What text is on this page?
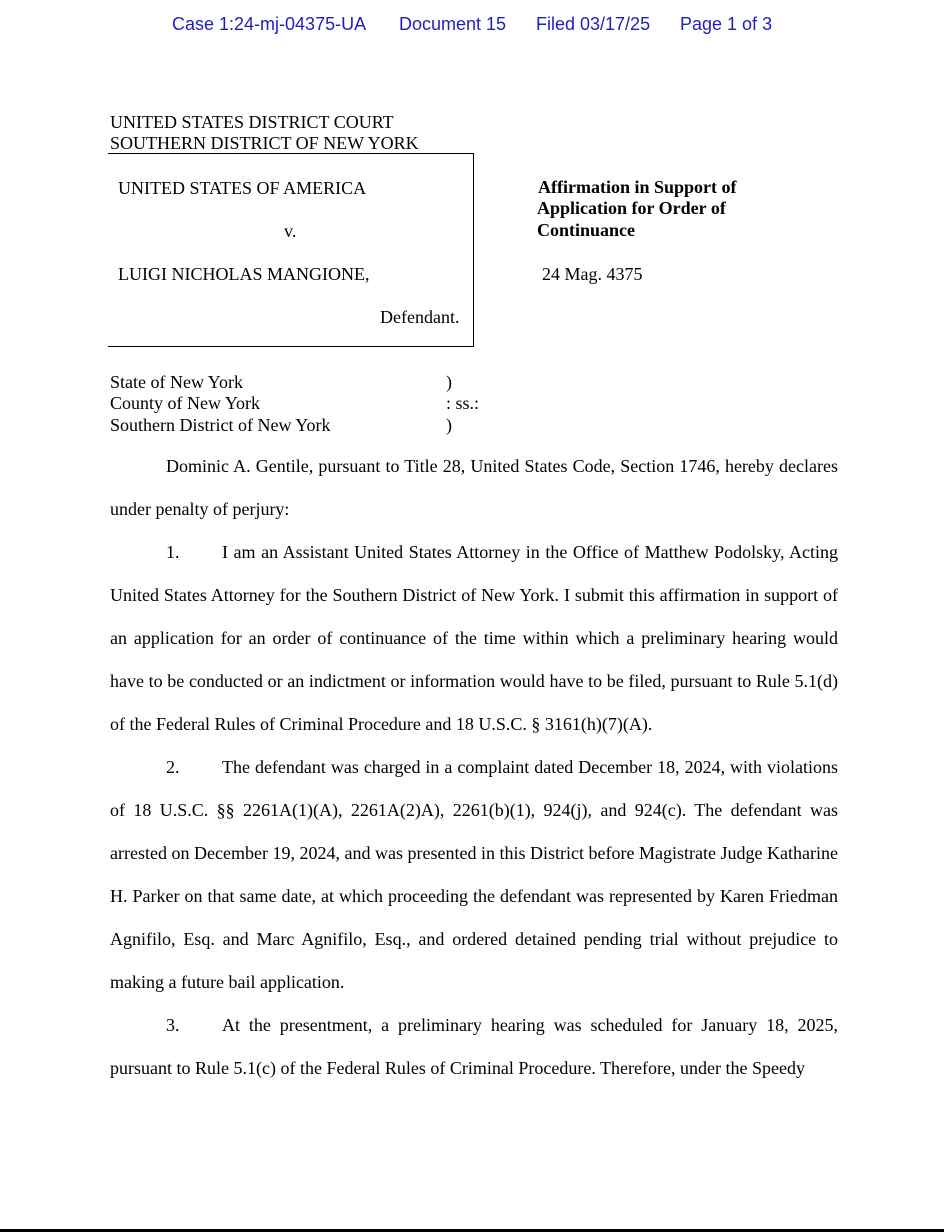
Case 1:24-mj-04375-UA Document 15 Filed 03/17/25 Page 1 of 3
UNITED STATES DISTRICT COURT
SOUTHERN DISTRICT OF NEW YORK
UNITED STATES OF AMERICA
v.
LUIGI NICHOLAS MANGIONE,
Defendant.
Affirmation in Support of
Application for Order of
Continuance
24 Mag. 4375
State of New York
County of New York
Southern District of New York
)
: ss.:
)

Dominic A. Gentile, pursuant to Title 28, United States Code, Section 1746, hereby declares under penalty of perjury:

1. I am an Assistant United States Attorney in the Office of Matthew Podolsky, Acting United States Attorney for the Southern District of New York. I submit this affirmation in support of an application for an order of continuance of the time within which a preliminary hearing would have to be conducted or an indictment or information would have to be filed, pursuant to Rule 5.1(d) of the Federal Rules of Criminal Procedure and 18 U.S.C. § 3161(h)(7)(A).

2. The defendant was charged in a complaint dated December 18, 2024, with violations of 18 U.S.C. §§ 2261A(1)(A), 2261A(2)A), 2261(b)(1), 924(j), and 924(c). The defendant was arrested on December 19, 2024, and was presented in this District before Magistrate Judge Katharine H. Parker on that same date, at which proceeding the defendant was represented by Karen Friedman Agnifilo, Esq. and Marc Agnifilo, Esq., and ordered detained pending trial without prejudice to making a future bail application.

3. At the presentment, a preliminary hearing was scheduled for January 18, 2025, pursuant to Rule 5.1(c) of the Federal Rules of Criminal Procedure. Therefore, under the Speedy
